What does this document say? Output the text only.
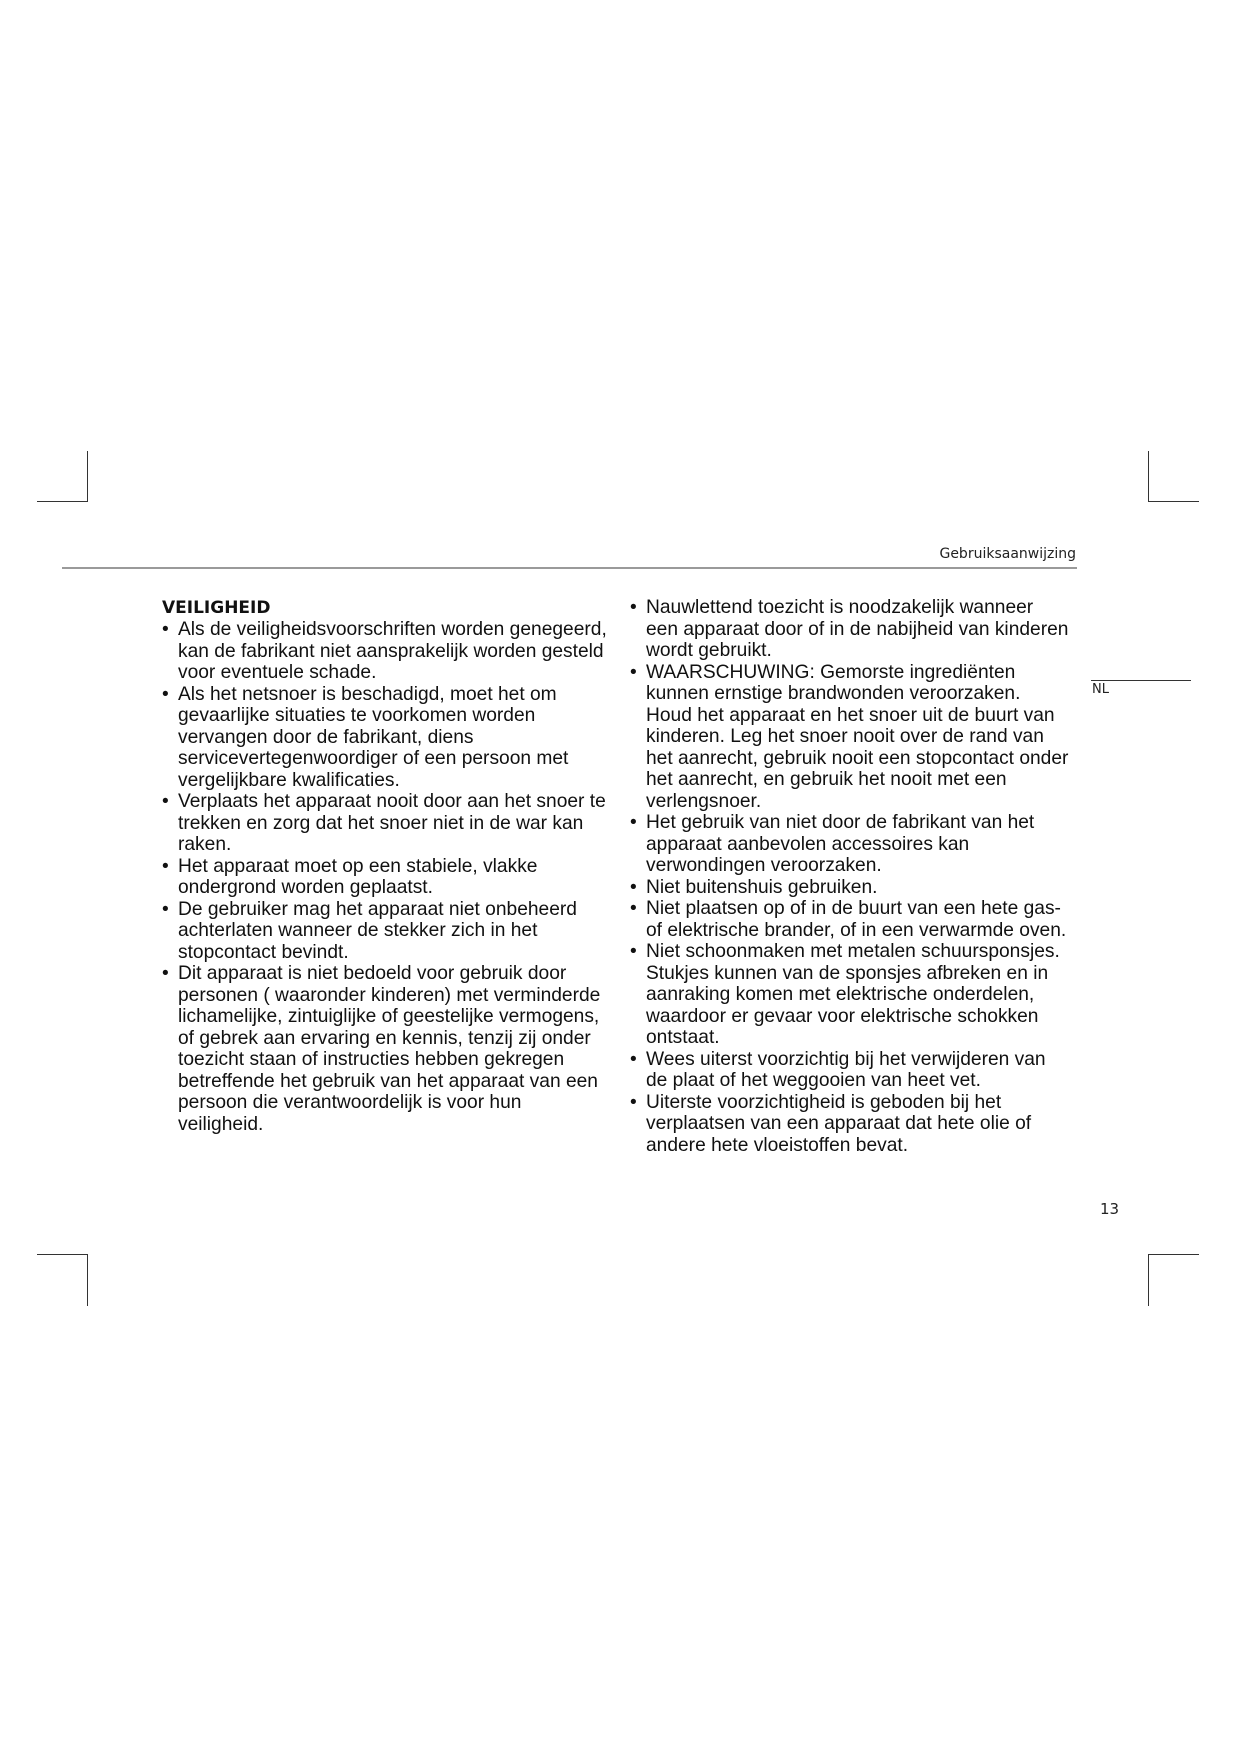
Gebruiksaanwijzing
NL
VEILIGHEID
• Als de veiligheidsvoorschriften worden genegeerd, kan de fabrikant niet aansprakelijk worden gesteld voor eventuele schade.
• Als het netsnoer is beschadigd, moet het om gevaarlijke situaties te voorkomen worden vervangen door de fabrikant, diens servicevertegenwoordiger of een persoon met vergelijkbare kwalificaties.
• Verplaats het apparaat nooit door aan het snoer te trekken en zorg dat het snoer niet in de war kan raken.
• Het apparaat moet op een stabiele, vlakke ondergrond worden geplaatst.
• De gebruiker mag het apparaat niet onbeheerd achterlaten wanneer de stekker zich in het stopcontact bevindt.
• Dit apparaat is niet bedoeld voor gebruik door personen ( waaronder kinderen) met verminderde lichamelijke, zintuiglijke of geestelijke vermogens, of gebrek aan ervaring en kennis, tenzij zij onder toezicht staan of instructies hebben gekregen betreffende het gebruik van het apparaat van een persoon die verantwoordelijk is voor hun veiligheid.
• Nauwlettend toezicht is noodzakelijk wanneer een apparaat door of in de nabijheid van kinderen wordt gebruikt.
• WAARSCHUWING: Gemorste ingrediënten kunnen ernstige brandwonden veroorzaken. Houd het apparaat en het snoer uit de buurt van kinderen. Leg het snoer nooit over de rand van het aanrecht, gebruik nooit een stopcontact onder het aanrecht, en gebruik het nooit met een verlengsnoer.
• Het gebruik van niet door de fabrikant van het apparaat aanbevolen accessoires kan verwondingen veroorzaken.
• Niet buitenshuis gebruiken.
• Niet plaatsen op of in de buurt van een hete gas- of elektrische brander, of in een verwarmde oven.
• Niet schoonmaken met metalen schuursponsjes. Stukjes kunnen van de sponsjes afbreken en in aanraking komen met elektrische onderdelen, waardoor er gevaar voor elektrische schokken ontstaat.
• Wees uiterst voorzichtig bij het verwijderen van de plaat of het weggooien van heet vet.
• Uiterste voorzichtigheid is geboden bij het verplaatsen van een apparaat dat hete olie of andere hete vloeistoffen bevat.
13
